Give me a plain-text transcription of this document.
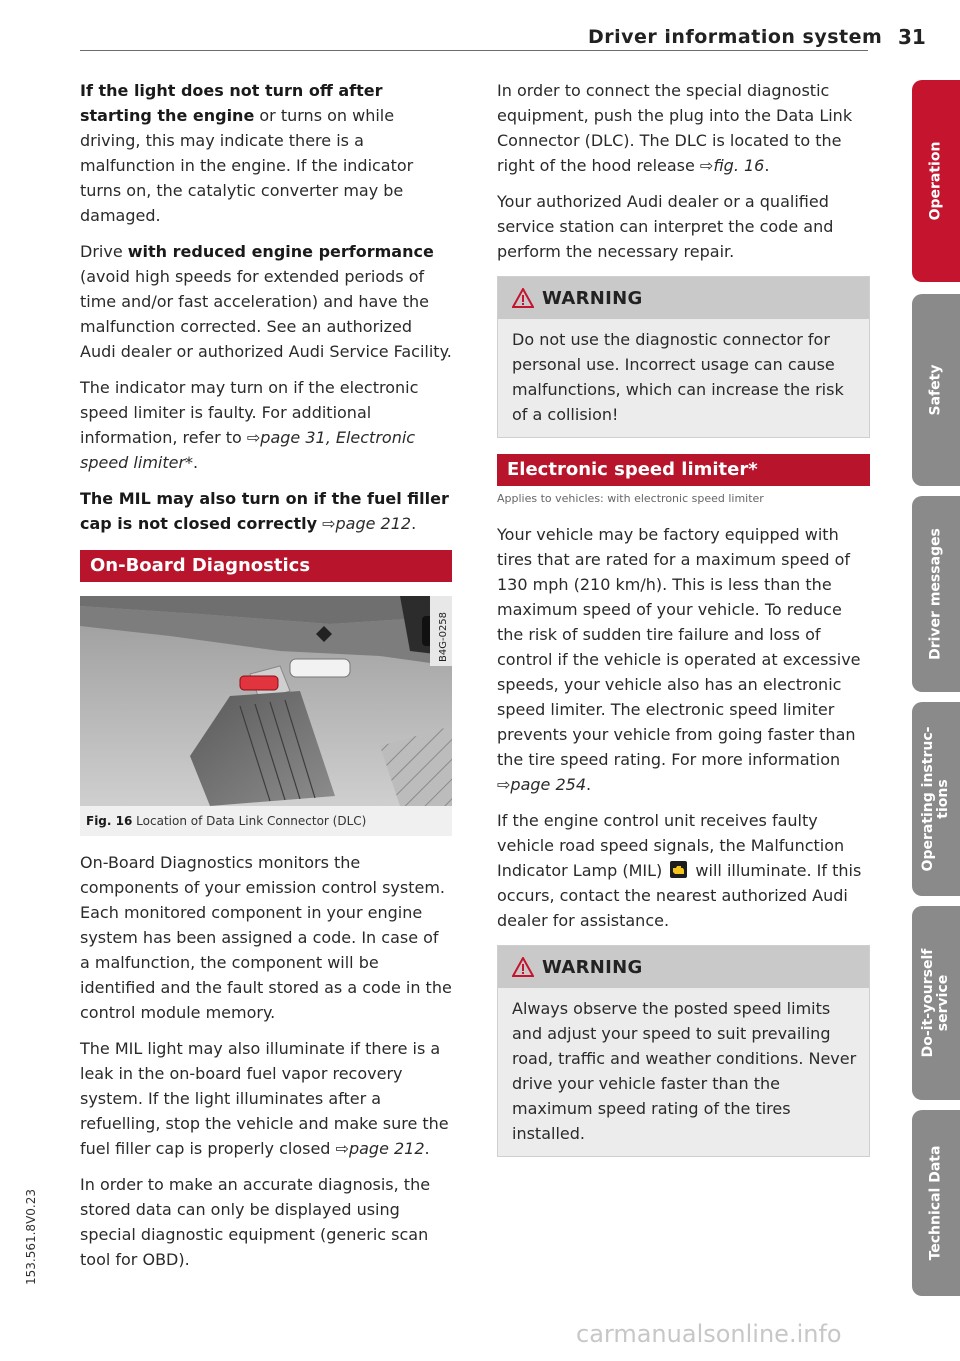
Driver information system 31

If the light does not turn off after starting the engine or turns on while driving, this may indicate there is a malfunction in the engine. If the indicator turns on, the catalytic converter may be damaged.

Drive with reduced engine performance (avoid high speeds for extended periods of time and/or fast acceleration) and have the malfunction corrected. See an authorized Audi dealer or authorized Audi Service Facility.

The indicator may turn on if the electronic speed limiter is faulty. For additional information, refer to ⇨page 31, Electronic speed limiter*.

The MIL may also turn on if the fuel filler cap is not closed correctly ⇨page 212.

On-Board Diagnostics
B4G-0258
Fig. 16 Location of Data Link Connector (DLC)

On-Board Diagnostics monitors the components of your emission control system. Each monitored component in your engine system has been assigned a code. In case of a malfunction, the component will be identified and the fault stored as a code in the control module memory.

The MIL light may also illuminate if there is a leak in the on-board fuel vapor recovery system. If the light illuminates after a refuelling, stop the vehicle and make sure the fuel filler cap is properly closed ⇨page 212.

In order to make an accurate diagnosis, the stored data can only be displayed using special diagnostic equipment (generic scan tool for OBD).

In order to connect the special diagnostic equipment, push the plug into the Data Link Connector (DLC). The DLC is located to the right of the hood release ⇨fig. 16.

Your authorized Audi dealer or a qualified service station can interpret the code and perform the necessary repair.

WARNING
Do not use the diagnostic connector for personal use. Incorrect usage can cause malfunctions, which can increase the risk of a collision!
Electronic speed limiter*

Applies to vehicles: with electronic speed limiter

Your vehicle may be factory equipped with tires that are rated for a maximum speed of 130 mph (210 km/h). This is less than the maximum speed of your vehicle. To reduce the risk of sudden tire failure and loss of control if the vehicle is operated at excessive speeds, your vehicle also has an electronic speed limiter. The electronic speed limiter prevents your vehicle from going faster than the tire speed rating. For more information ⇨page 254.

If the engine control unit receives faulty vehicle road speed signals, the Malfunction Indicator Lamp (MIL)  will illuminate. If this occurs, contact the nearest authorized Audi dealer for assistance.

WARNING
Always observe the posted speed limits and adjust your speed to suit prevailing road, traffic and weather conditions. Never drive your vehicle faster than the maximum speed rating of the tires installed.
Operation
Safety
Driver messages
Operating instruc-
tions
Do-it-yourself
service
Technical Data
153.561.8V0.23
carmanualsonline.info
